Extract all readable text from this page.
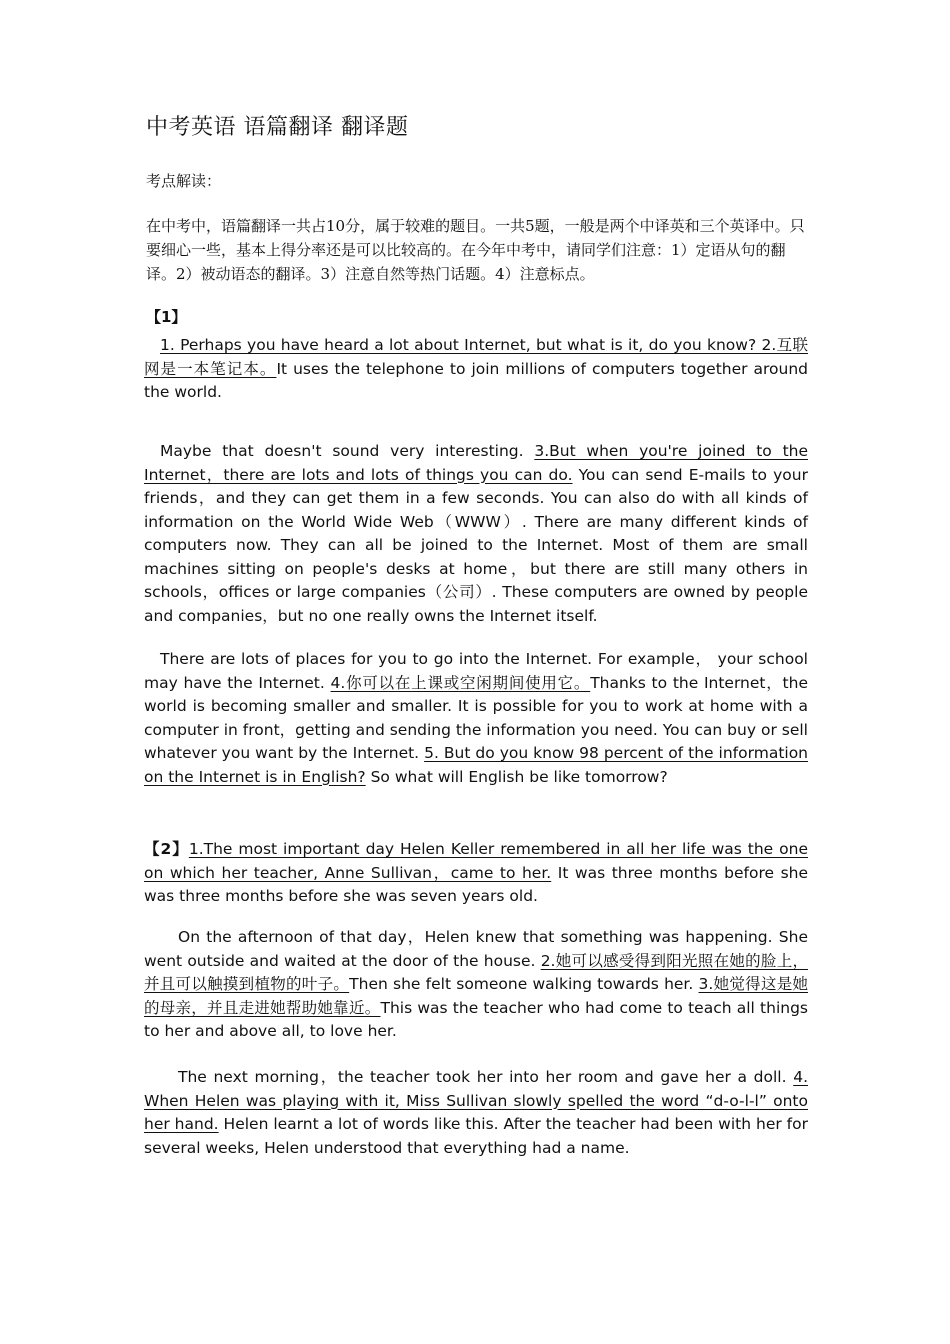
中考英语 语篇翻译 翻译题
考点解读：
在中考中，语篇翻译一共占10分，属于较难的题目。一共5题，一般是两个中译英和三个英译中。只要细心一些，基本上得分率还是可以比较高的。在今年中考中，请同学们注意：1）定语从句的翻译。2）被动语态的翻译。3）注意自然等热门话题。4）注意标点。
【1】

1. Perhaps you have heard a lot about Internet, but what is it, do you know? 2.互联网是一本笔记本。It uses the telephone to join millions of computers together around the world.

Maybe that doesn't sound very interesting. 3.But when you're joined to the Internet，there are lots and lots of things you can do. You can send E-mails to your friends，and they can get them in a few seconds. You can also do with all kinds of information on the World Wide Web（WWW）. There are many different kinds of computers now. They can all be joined to the Internet. Most of them are small machines sitting on people's desks at home，but there are still many others in schools，offices or large companies（公司）. These computers are owned by people and companies，but no one really owns the Internet itself.

There are lots of places for you to go into the Internet. For example， your school may have the Internet. 4.你可以在上课或空闲期间使用它。Thanks to the Internet，the world is becoming smaller and smaller. It is possible for you to work at home with a computer in front，getting and sending the information you need. You can buy or sell whatever you want by the Internet. 5. But do you know 98 percent of the information on the Internet is in English? So what will English be like tomorrow?

【2】1.The most important day Helen Keller remembered in all her life was the one on which her teacher, Anne Sullivan，came to her. It was three months before she was three months before she was seven years old.

On the afternoon of that day，Helen knew that something was happening. She went outside and waited at the door of the house. 2.她可以感受得到阳光照在她的脸上，并且可以触摸到植物的叶子。Then she felt someone walking towards her. 3.她觉得这是她的母亲，并且走进她帮助她靠近。This was the teacher who had come to teach all things to her and above all, to love her.

The next morning，the teacher took her into her room and gave her a doll. 4. When Helen was playing with it, Miss Sullivan slowly spelled the word “d-o-l-l” onto her hand. Helen learnt a lot of words like this. After the teacher had been with her for several weeks, Helen understood that everything had a name.
